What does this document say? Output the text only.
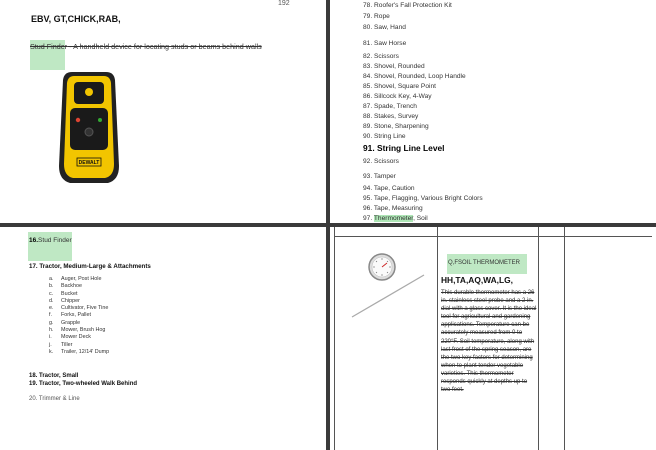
192
EBV, GT,CHICK,RAB,
Stud Finder - A handheld device for locating studs or beams behind walls
DEWALT
78. Roofer's Fall Protection Kit
79. Rope
80. Saw, Hand
81. Saw Horse
82. Scissors
83. Shovel, Rounded
84. Shovel, Rounded, Loop Handle
85. Shovel, Square Point
86. Sillcock Key, 4-Way
87. Spade, Trench
88. Stakes, Survey
89. Stone, Sharpening
90. String Line
91. String Line Level
92. Scissors
93. Tamper
94. Tape, Caution
95. Tape, Flagging, Various Bright Colors
96. Tape, Measuring
97. Thermometer, Soil
16.Stud Finder
17. Tractor, Medium-Large & Attachments
a. Auger, Post Hole
b. Backhoe
c. Bucket
d. Chipper
e. Cultivator, Five Tine
f. Forks, Pallet
g. Grapple
h. Mower, Brush Hog
i. Mower Deck
j. Tiller
k. Trailer, 12/14' Dump
18. Tractor, Small
19. Tractor, Two-wheeled Walk Behind
20. Trimmer & Line
Q,FSOIL THERMOMETER
HH,TA,AQ,WA,LG,
This durable thermometer has a 26 in. stainless steel probe and a 2 in. dial with a glass cover. It is the ideal tool for agricultural and gardening applications. Temperature can be accurately measured from 0 to 220°F. Soil temperature, along with last frost of the spring season, are the two key factors for determining when to plant tender vegetable varieties. This thermometer responds quickly at depths up to two feet.
